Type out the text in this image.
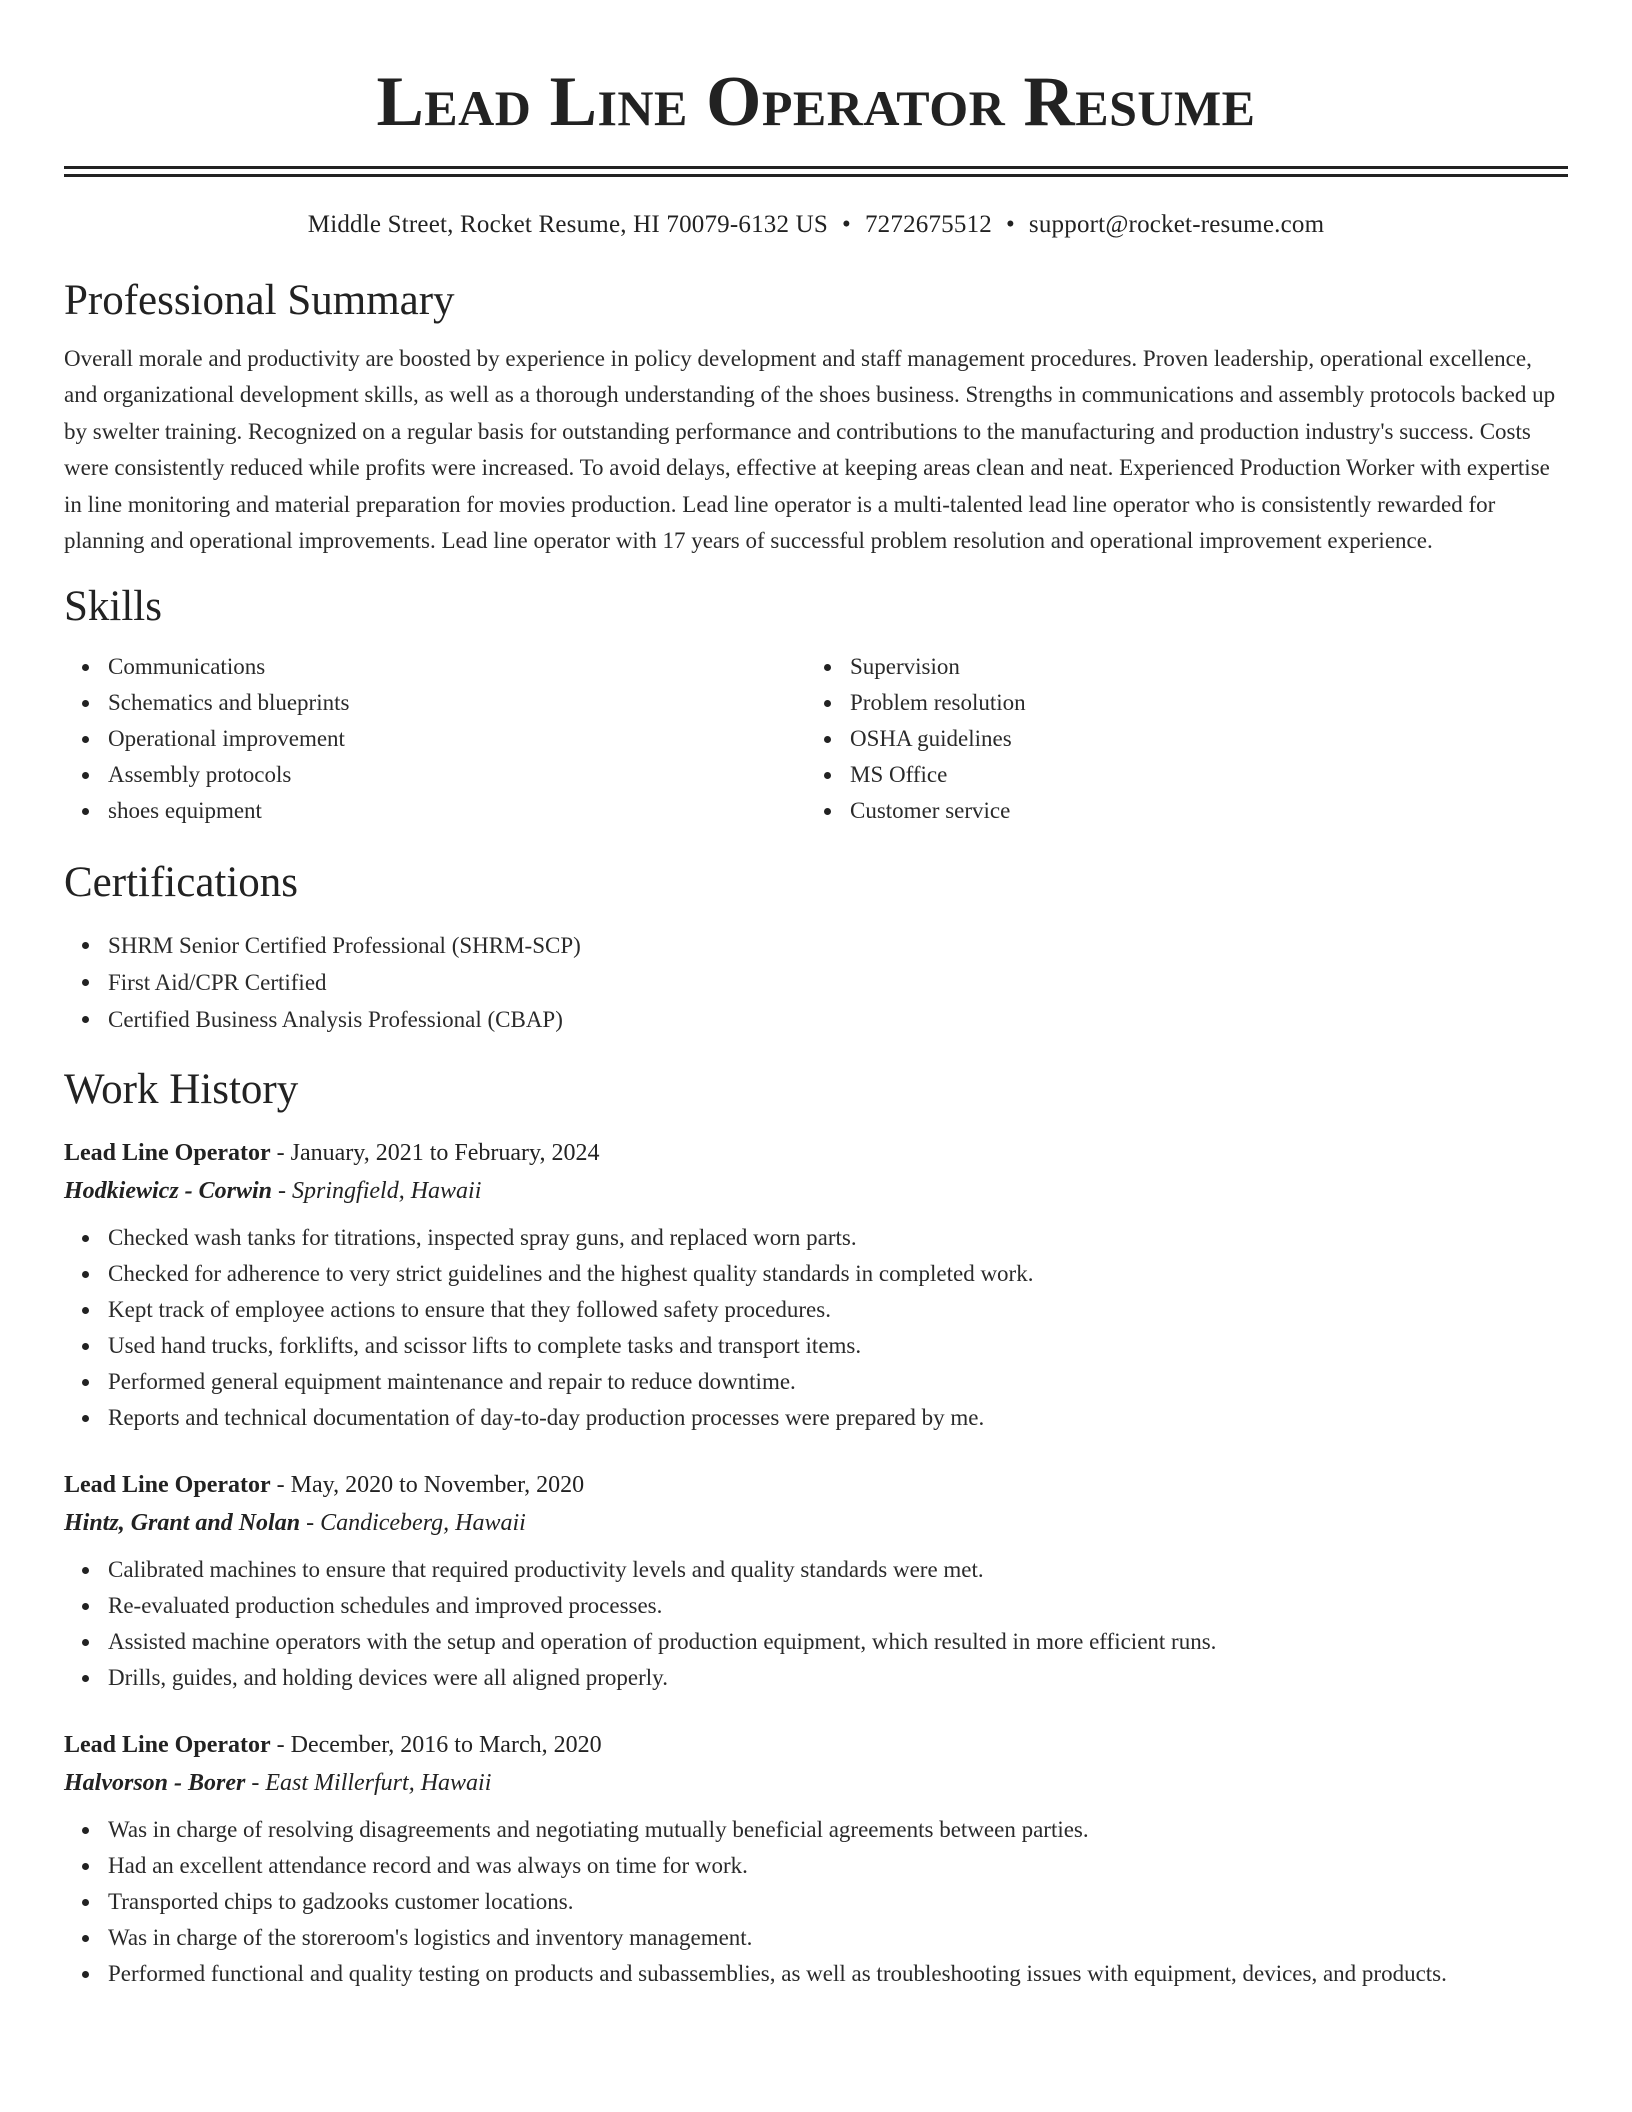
Lead Line Operator Resume
Middle Street, Rocket Resume, HI 70079-6132 US • 7272675512 • support@rocket-resume.com
Professional Summary

Overall morale and productivity are boosted by experience in policy development and staff management procedures. Proven leadership, operational excellence, and organizational development skills, as well as a thorough understanding of the shoes business. Strengths in communications and assembly protocols backed up by swelter training. Recognized on a regular basis for outstanding performance and contributions to the manufacturing and production industry's success. Costs were consistently reduced while profits were increased. To avoid delays, effective at keeping areas clean and neat. Experienced Production Worker with expertise in line monitoring and material preparation for movies production. Lead line operator is a multi-talented lead line operator who is consistently rewarded for planning and operational improvements. Lead line operator with 17 years of successful problem resolution and operational improvement experience.

Skills
Communications
Schematics and blueprints
Operational improvement
Assembly protocols
shoes equipment
Supervision
Problem resolution
OSHA guidelines
MS Office
Customer service
Certifications
SHRM Senior Certified Professional (SHRM-SCP)
First Aid/CPR Certified
Certified Business Analysis Professional (CBAP)
Work History
Lead Line Operator - January, 2021 to February, 2024
Hodkiewicz - Corwin - Springfield, Hawaii
Checked wash tanks for titrations, inspected spray guns, and replaced worn parts.
Checked for adherence to very strict guidelines and the highest quality standards in completed work.
Kept track of employee actions to ensure that they followed safety procedures.
Used hand trucks, forklifts, and scissor lifts to complete tasks and transport items.
Performed general equipment maintenance and repair to reduce downtime.
Reports and technical documentation of day-to-day production processes were prepared by me.
Lead Line Operator - May, 2020 to November, 2020
Hintz, Grant and Nolan - Candiceberg, Hawaii
Calibrated machines to ensure that required productivity levels and quality standards were met.
Re-evaluated production schedules and improved processes.
Assisted machine operators with the setup and operation of production equipment, which resulted in more efficient runs.
Drills, guides, and holding devices were all aligned properly.
Lead Line Operator - December, 2016 to March, 2020
Halvorson - Borer - East Millerfurt, Hawaii
Was in charge of resolving disagreements and negotiating mutually beneficial agreements between parties.
Had an excellent attendance record and was always on time for work.
Transported chips to gadzooks customer locations.
Was in charge of the storeroom's logistics and inventory management.
Performed functional and quality testing on products and subassemblies, as well as troubleshooting issues with equipment, devices, and products.
